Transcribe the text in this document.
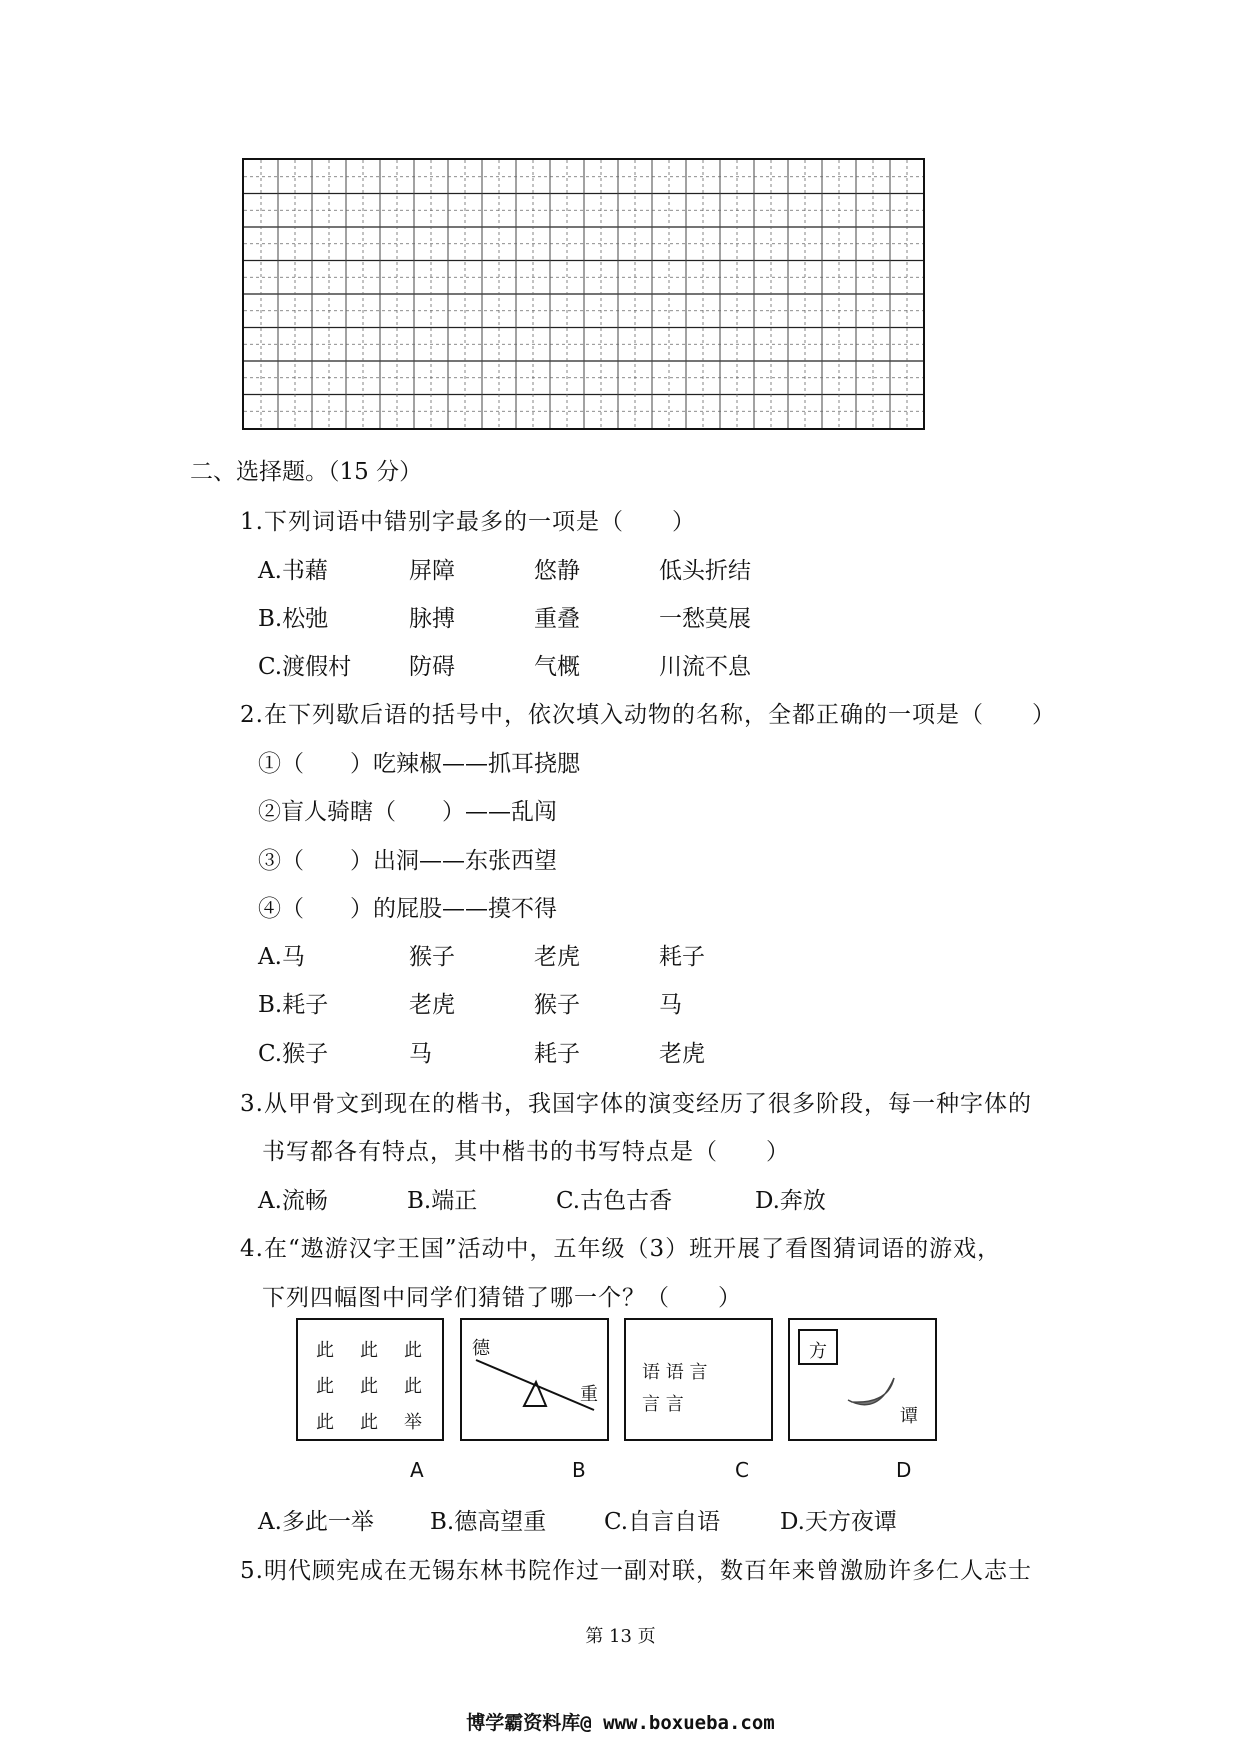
二、选择题。（15 分）
1.下列词语中错别字最多的一项是（　　）
A.书藉	屏障	悠静	低头折结
B.松弛	脉搏	重叠	一愁莫展
C.渡假村	防碍	气概	川流不息
2.在下列歇后语的括号中，依次填入动物的名称，全都正确的一项是（　　）
①（　　）吃辣椒——抓耳挠腮
②盲人骑瞎（　　）——乱闯
③（　　）出洞——东张西望
④（　　）的屁股——摸不得
A.马	猴子	老虎	耗子
B.耗子	老虎	猴子	马
C.猴子	马	耗子	老虎
3.从甲骨文到现在的楷书，我国字体的演变经历了很多阶段，每一种字体的
书写都各有特点，其中楷书的书写特点是（　　）
A.流畅	B.端正	C.古色古香	D.奔放
4.在“遨游汉字王国”活动中，五年级（3）班开展了看图猜词语的游戏，
下列四幅图中同学们猜错了哪一个？（　　）
此 此 此
此 此 此
此 此 举
德
重
语 语 言
言 言
方
谭
A	B	C	D
A.多此一举 B.德高望重	C.自言自语	D.天方夜谭
5.明代顾宪成在无锡东林书院作过一副对联，数百年来曾激励许多仁人志士
第 13 页
博学霸资料库@ www.boxueba.com
